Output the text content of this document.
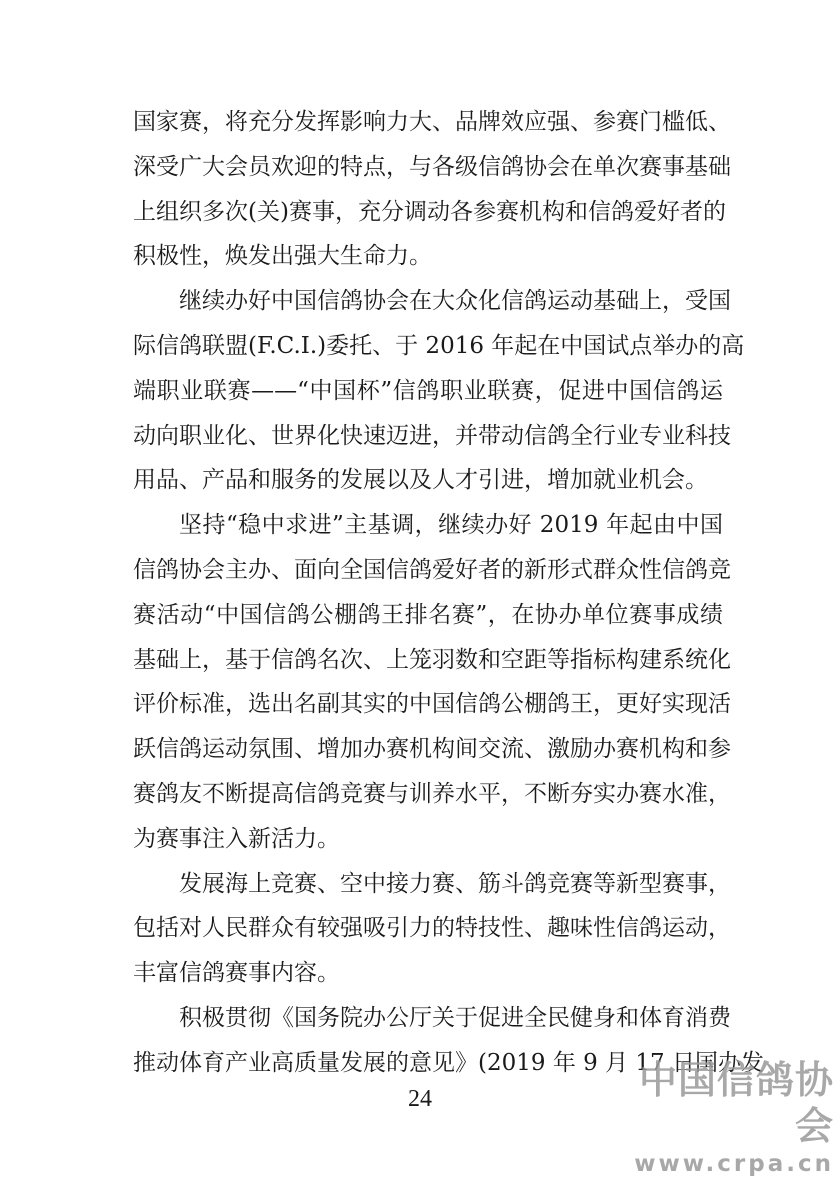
国家赛，将充分发挥影响力大、品牌效应强、参赛门槛低、
深受广大会员欢迎的特点，与各级信鸽协会在单次赛事基础
上组织多次(关)赛事，充分调动各参赛机构和信鸽爱好者的
积极性，焕发出强大生命力。
继续办好中国信鸽协会在大众化信鸽运动基础上，受国
际信鸽联盟(F.C.I.)委托、于 2016 年起在中国试点举办的高
端职业联赛——“中国杯”信鸽职业联赛，促进中国信鸽运
动向职业化、世界化快速迈进，并带动信鸽全行业专业科技
用品、产品和服务的发展以及人才引进，增加就业机会。
坚持“稳中求进”主基调，继续办好 2019 年起由中国
信鸽协会主办、面向全国信鸽爱好者的新形式群众性信鸽竞
赛活动“中国信鸽公棚鸽王排名赛”，在协办单位赛事成绩
基础上，基于信鸽名次、上笼羽数和空距等指标构建系统化
评价标准，选出名副其实的中国信鸽公棚鸽王，更好实现活
跃信鸽运动氛围、增加办赛机构间交流、激励办赛机构和参
赛鸽友不断提高信鸽竞赛与训养水平，不断夯实办赛水准，
为赛事注入新活力。
发展海上竞赛、空中接力赛、筋斗鸽竞赛等新型赛事，
包括对人民群众有较强吸引力的特技性、趣味性信鸽运动，
丰富信鸽赛事内容。
积极贯彻《国务院办公厅关于促进全民健身和体育消费
推动体育产业高质量发展的意见》(2019 年 9 月 17 日国办发
24	中国信鸽协会
www.crpa.cn
